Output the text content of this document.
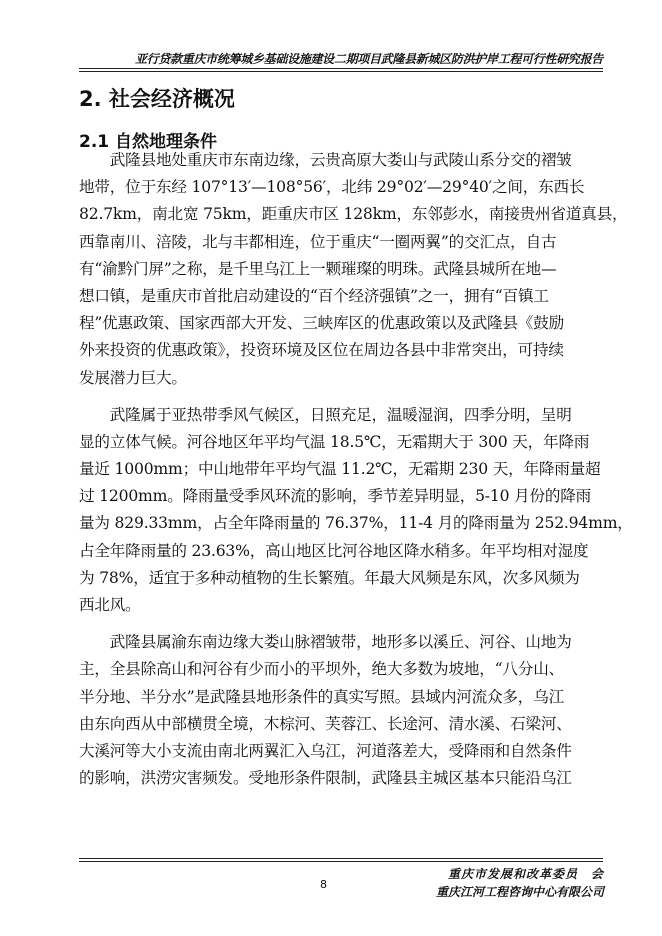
亚行贷款重庆市统筹城乡基础设施建设二期项目武隆县新城区防洪护岸工程可行性研究报告
2. 社会经济概况
2.1 自然地理条件
　　武隆县地处重庆市东南边缘，云贵高原大娄山与武陵山系分交的褶皱
地带，位于东经 107°13′—108°56′，北纬 29°02′—29°40′之间，东西长
82.7km，南北宽 75km，距重庆市区 128km，东邻彭水，南接贵州省道真县，
西靠南川、涪陵，北与丰都相连，位于重庆“一圈两翼”的交汇点，自古
有“渝黔门屏”之称，是千里乌江上一颗璀璨的明珠。武隆县城所在地—
想口镇，是重庆市首批启动建设的“百个经济强镇”之一，拥有“百镇工
程”优惠政策、国家西部大开发、三峡库区的优惠政策以及武隆县《鼓励
外来投资的优惠政策》，投资环境及区位在周边各县中非常突出，可持续
发展潜力巨大。
　　武隆属于亚热带季风气候区，日照充足，温暖湿润，四季分明，呈明
显的立体气候。河谷地区年平均气温 18.5℃，无霜期大于 300 天，年降雨
量近 1000mm；中山地带年平均气温 11.2℃，无霜期 230 天，年降雨量超
过 1200mm。降雨量受季风环流的影响，季节差异明显，5-10 月份的降雨
量为 829.33mm，占全年降雨量的 76.37%，11-4 月的降雨量为 252.94mm，
占全年降雨量的 23.63%，高山地区比河谷地区降水稍多。年平均相对湿度
为 78%，适宜于多种动植物的生长繁殖。年最大风频是东风，次多风频为
西北风。
　　武隆县属渝东南边缘大娄山脉褶皱带，地形多以溪丘、河谷、山地为
主，全县除高山和河谷有少而小的平坝外，绝大多数为坡地，“八分山、
半分地、半分水”是武隆县地形条件的真实写照。县域内河流众多，乌江
由东向西从中部横贯全境，木棕河、芙蓉江、长途河、清水溪、石梁河、
大溪河等大小支流由南北两翼汇入乌江，河道落差大，受降雨和自然条件
的影响，洪涝灾害频发。受地形条件限制，武隆县主城区基本只能沿乌江
重庆市发展和改革委员　会
8
重庆江河工程咨询中心有限公司
